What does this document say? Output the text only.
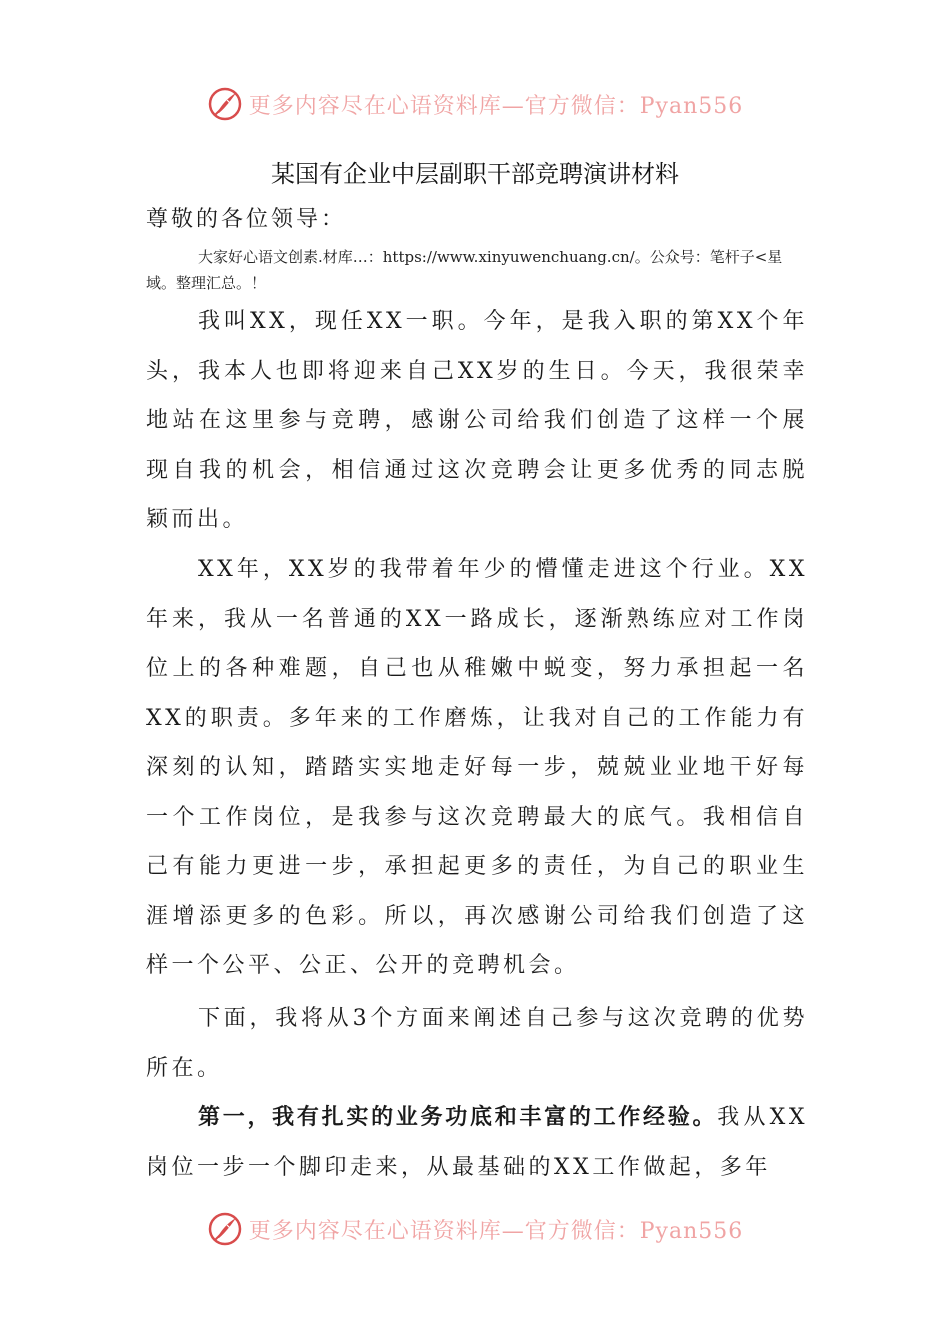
更多内容尽在心语资料库—官方微信：Pyan556
某国有企业中层副职干部竞聘演讲材料
尊敬的各位领导：
大家好心语文创素.材库…：https://www.xinyuwenchuang.cn/。公众号：笔杆子<星域。整理汇总。！
我叫XX，现任XX一职。今年，是我入职的第XX个年头，我本人也即将迎来自己XX岁的生日。今天，我很荣幸地站在这里参与竞聘，感谢公司给我们创造了这样一个展现自我的机会，相信通过这次竞聘会让更多优秀的同志脱颖而出。
XX年，XX岁的我带着年少的懵懂走进这个行业。XX年来，我从一名普通的XX一路成长，逐渐熟练应对工作岗位上的各种难题，自己也从稚嫩中蜕变，努力承担起一名XX的职责。多年来的工作磨炼，让我对自己的工作能力有深刻的认知，踏踏实实地走好每一步，兢兢业业地干好每一个工作岗位，是我参与这次竞聘最大的底气。我相信自己有能力更进一步，承担起更多的责任，为自己的职业生涯增添更多的色彩。所以，再次感谢公司给我们创造了这样一个公平、公正、公开的竞聘机会。
下面，我将从3个方面来阐述自己参与这次竞聘的优势所在。
第一，我有扎实的业务功底和丰富的工作经验。我从XX岗位一步一个脚印走来，从最基础的XX工作做起，多年
更多内容尽在心语资料库—官方微信：Pyan556
